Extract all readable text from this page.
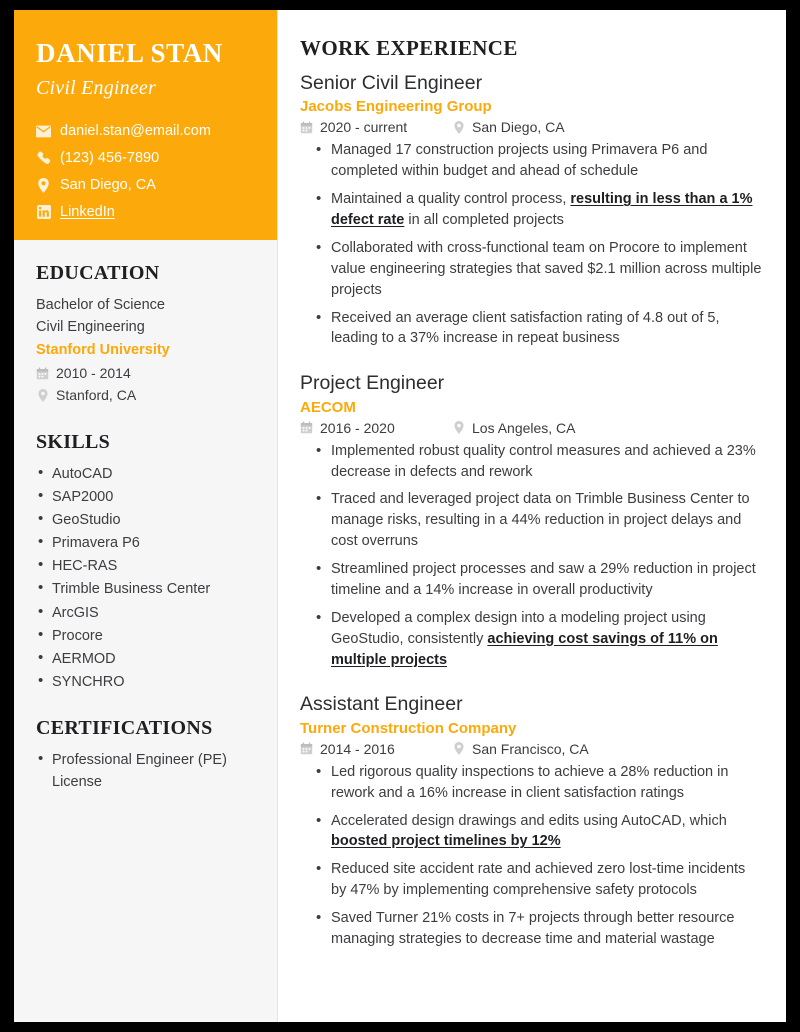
DANIEL STAN
Civil Engineer
daniel.stan@email.com
(123) 456-7890
San Diego, CA
LinkedIn
EDUCATION
Bachelor of Science
Civil Engineering
Stanford University
2010 - 2014
Stanford, CA
SKILLS
• AutoCAD
• SAP2000
• GeoStudio
• Primavera P6
• HEC-RAS
• Trimble Business Center
• ArcGIS
• Procore
• AERMOD
• SYNCHRO
CERTIFICATIONS
• Professional Engineer (PE) License
WORK EXPERIENCE
Senior Civil Engineer
Jacobs Engineering Group
2020 - current	San Diego, CA
• Managed 17 construction projects using Primavera P6 and completed within budget and ahead of schedule
• Maintained a quality control process, resulting in less than a 1% defect rate in all completed projects
• Collaborated with cross-functional team on Procore to implement value engineering strategies that saved $2.1 million across multiple projects
• Received an average client satisfaction rating of 4.8 out of 5, leading to a 37% increase in repeat business
Project Engineer
AECOM
2016 - 2020	Los Angeles, CA
• Implemented robust quality control measures and achieved a 23% decrease in defects and rework
• Traced and leveraged project data on Trimble Business Center to manage risks, resulting in a 44% reduction in project delays and cost overruns
• Streamlined project processes and saw a 29% reduction in project timeline and a 14% increase in overall productivity
• Developed a complex design into a modeling project using GeoStudio, consistently achieving cost savings of 11% on multiple projects
Assistant Engineer
Turner Construction Company
2014 - 2016	San Francisco, CA
• Led rigorous quality inspections to achieve a 28% reduction in rework and a 16% increase in client satisfaction ratings
• Accelerated design drawings and edits using AutoCAD, which boosted project timelines by 12%
• Reduced site accident rate and achieved zero lost-time incidents by 47% by implementing comprehensive safety protocols
• Saved Turner 21% costs in 7+ projects through better resource managing strategies to decrease time and material wastage
